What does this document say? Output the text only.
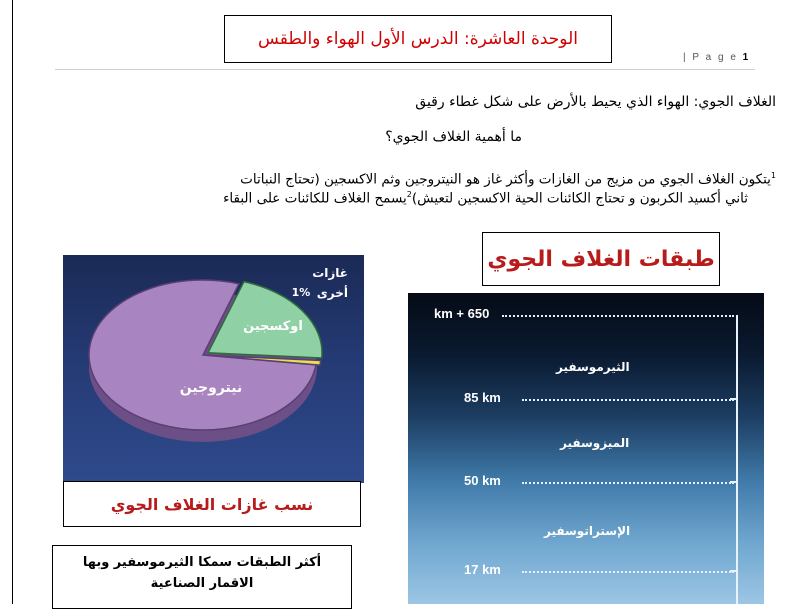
الوحدة العاشرة: الدرس الأول الهواء والطقس
| P a g e 1
الغلاف الجوي: الهواء الذي يحيط بالأرض على شكل غطاء رقيق
ما أهمية الغلاف الجوي؟
$^1$يتكون الغلاف الجوي من مزيج من الغازات وأكثر غاز هو النيتروجين وثم الاكسجين (تحتاج النباتات
ثاني أكسيد الكربون و تحتاج الكائنات الحية الاكسجين لتعيش)$^2$يسمح الغلاف للكائنات على البقاء
طبقات الغلاف الجوي
نيتروجين
اوكسجين
غازات
أخرى
1%
نسب غازات الغلاف الجوي
أكثر الطبقات سمكا الثيرموسفير وبها
الاقمار الصناعية
km + 650
85 km
50 km
17 km
الثيرموسفير
الميزوسفير
الإستراتوسفير
